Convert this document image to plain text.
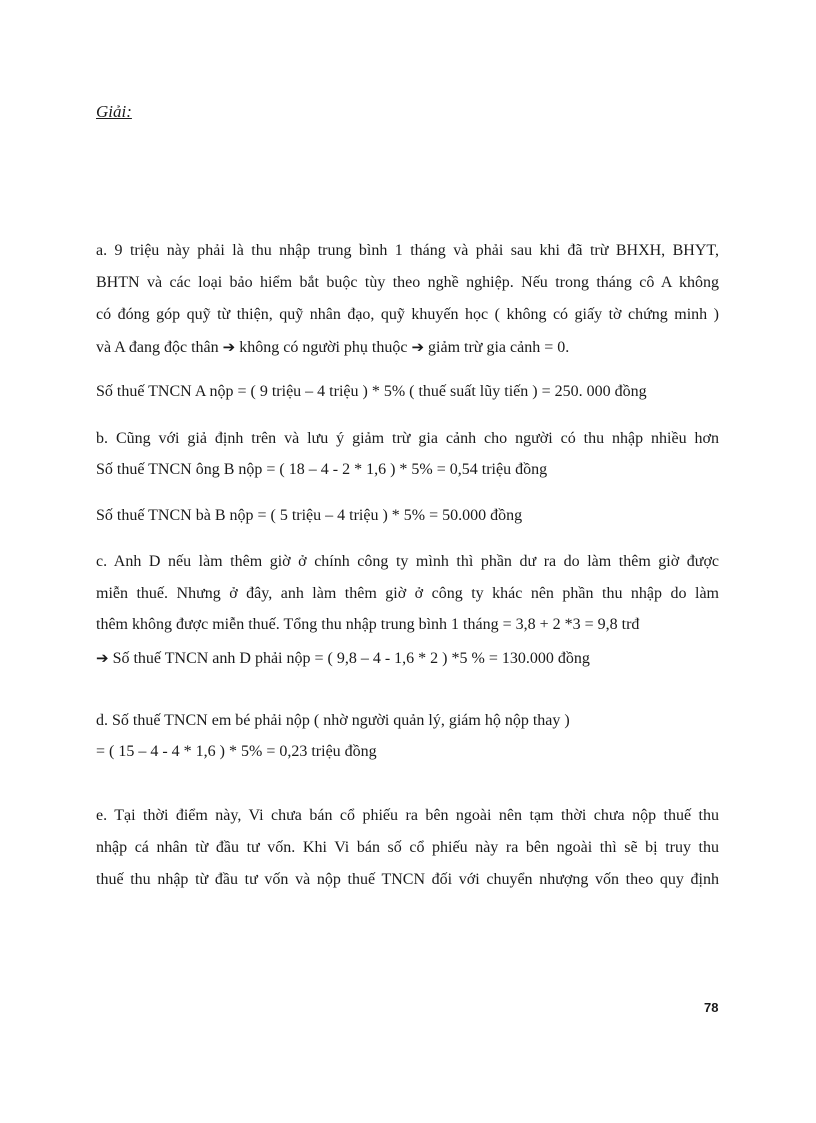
Giải:
a. 9 triệu này phải là thu nhập trung bình 1 tháng và phải sau khi đã trừ BHXH, BHYT,
BHTN và các loại bảo hiểm bắt buộc tùy theo nghề nghiệp. Nếu trong tháng cô A không
có đóng góp quỹ từ thiện, quỹ nhân đạo, quỹ khuyến học ( không có giấy tờ chứng minh )
và A đang độc thân ➔ không có người phụ thuộc ➔ giảm trừ gia cảnh = 0.
Số thuế TNCN A nộp = ( 9 triệu – 4 triệu ) * 5% ( thuế suất lũy tiến ) = 250. 000 đồng
b. Cũng với giả định trên và lưu ý giảm trừ gia cảnh cho người có thu nhập nhiều hơn
Số thuế TNCN ông B nộp = ( 18 – 4 - 2 * 1,6 ) * 5% = 0,54 triệu đồng
Số thuế TNCN bà B nộp = ( 5 triệu – 4 triệu ) * 5% = 50.000 đồng
c. Anh D nếu làm thêm giờ ở chính công ty mình thì phần dư ra do làm thêm giờ được
miễn thuế. Nhưng ở đây, anh làm thêm giờ ở công ty khác nên phần thu nhập do làm
thêm không được miễn thuế. Tổng thu nhập trung bình 1 tháng = 3,8 + 2 *3 = 9,8 trđ
➔ Số thuế TNCN anh D phải nộp = ( 9,8 – 4 - 1,6 * 2 ) *5 % = 130.000 đồng
d. Số thuế TNCN em bé phải nộp ( nhờ người quản lý, giám hộ nộp thay )
= ( 15 – 4 - 4 * 1,6 ) * 5% = 0,23 triệu đồng
e. Tại thời điểm này, Vi chưa bán cổ phiếu ra bên ngoài nên tạm thời chưa nộp thuế thu
nhập cá nhân từ đầu tư vốn. Khi Vi bán số cổ phiếu này ra bên ngoài thì sẽ bị truy thu
thuế thu nhập từ đầu tư vốn và nộp thuế TNCN đối với chuyển nhượng vốn theo quy định
78
